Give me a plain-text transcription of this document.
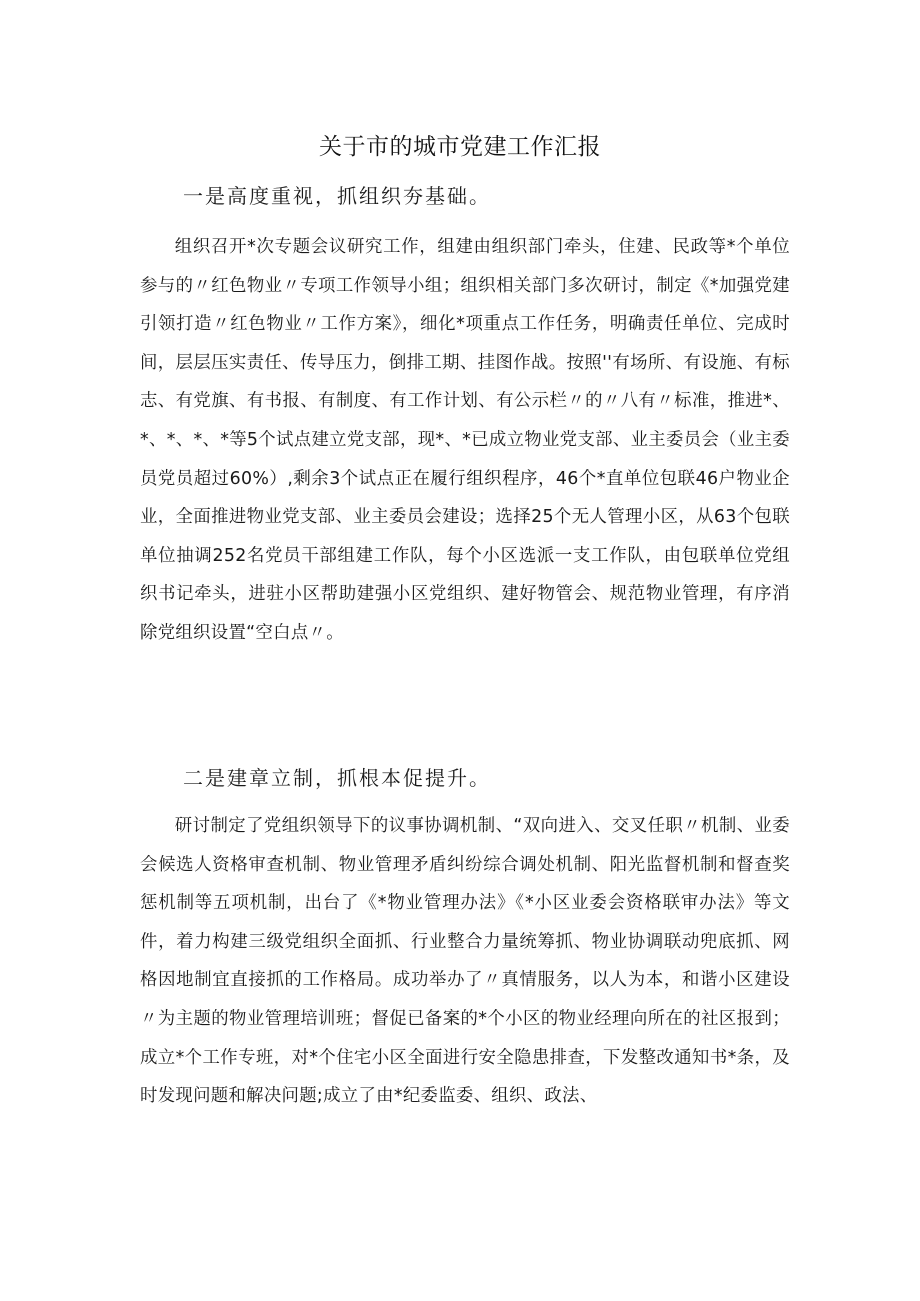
关于市的城市党建工作汇报

一是高度重视，抓组织夯基础。

组织召开*次专题会议研究工作，组建由组织部门牵头，住建、民政等*个单位参与的〃红色物业〃专项工作领导小组；组织相关部门多次研讨，制定《*加强党建引领打造〃红色物业〃工作方案》，细化*项重点工作任务，明确责任单位、完成时间，层层压实责任、传导压力，倒排工期、挂图作战。按照''有场所、有设施、有标志、有党旗、有书报、有制度、有工作计划、有公示栏〃的〃八有〃标准，推进*、*、*、*、*等5个试点建立党支部，现*、*已成立物业党支部、业主委员会（业主委员党员超过60%）,剩余3个试点正在履行组织程序，46个*直单位包联46户物业企业，全面推进物业党支部、业主委员会建设；选择25个无人管理小区，从63个包联单位抽调252名党员干部组建工作队，每个小区选派一支工作队，由包联单位党组织书记牵头，进驻小区帮助建强小区党组织、建好物管会、规范物业管理，有序消除党组织设置“空白点〃。

二是建章立制，抓根本促提升。

研讨制定了党组织领导下的议事协调机制、“双向进入、交叉任职〃机制、业委会候选人资格审查机制、物业管理矛盾纠纷综合调处机制、阳光监督机制和督查奖惩机制等五项机制，出台了《*物业管理办法》《*小区业委会资格联审办法》等文件，着力构建三级党组织全面抓、行业整合力量统筹抓、物业协调联动兜底抓、网格因地制宜直接抓的工作格局。成功举办了〃真情服务，以人为本，和谐小区建设〃为主题的物业管理培训班；督促已备案的*个小区的物业经理向所在的社区报到；成立*个工作专班，对*个住宅小区全面进行安全隐患排查，下发整改通知书*条，及时发现问题和解决问题;成立了由*纪委监委、组织、政法、
